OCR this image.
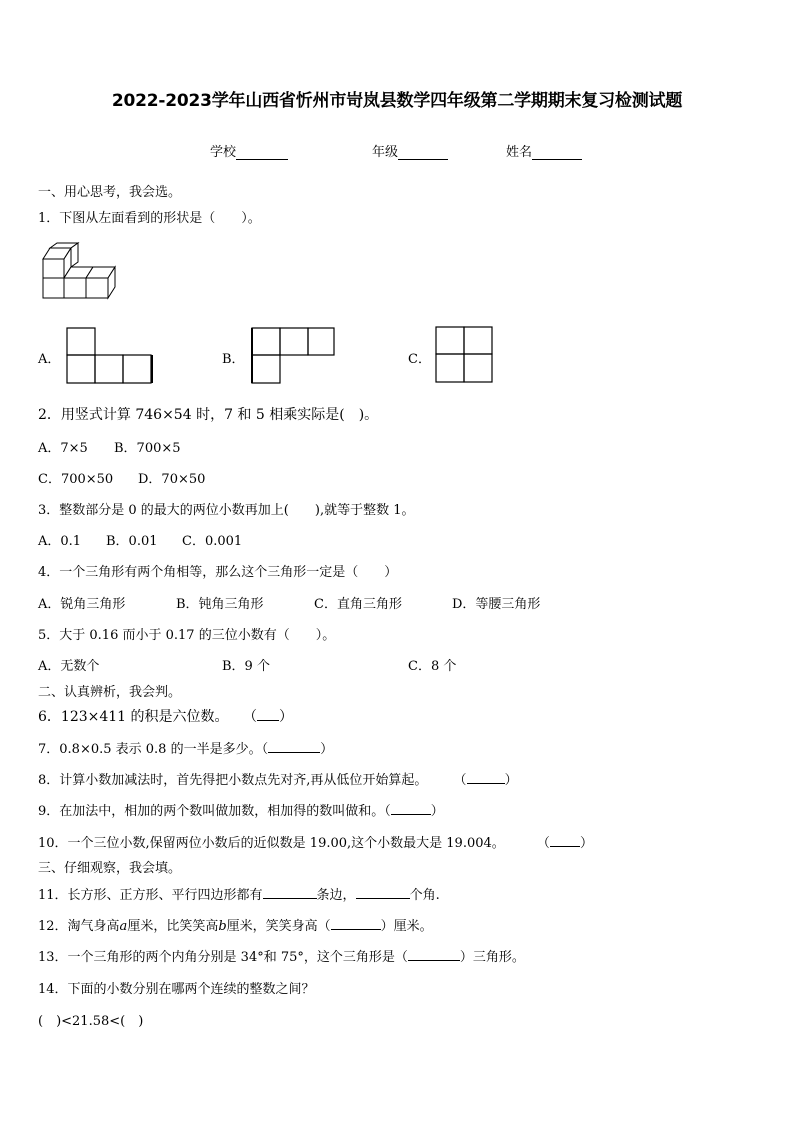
2022-2023学年山西省忻州市岢岚县数学四年级第二学期期末复习检测试题
学校	年级	姓名
一、用心思考，我会选。
1．下图从左面看到的形状是（　　）。
A．	B．	C．
2．用竖式计算 746×54 时，7 和 5 相乘实际是(　)。
A．7×5 B．700×5
C．700×50 D．70×50
3．整数部分是 0 的最大的两位小数再加上(　　),就等于整数 1。
A．0.1 B．0.01 C．0.001
4．一个三角形有两个角相等，那么这个三角形一定是（　　）
A．锐角三角形	B．钝角三角形	C．直角三角形	D．等腰三角形
5．大于 0.16 而小于 0.17 的三位小数有（　　）。
A．无数个	B．9 个	C．8 个
二、认真辨析，我会判。
6．123×411 的积是六位数。 （ ）
7．0.8×0.5 表示 0.8 的一半是多少。（	）
8．计算小数加减法时，首先得把小数点先对齐,再从低位开始算起。 （	）
9．在加法中，相加的两个数叫做加数，相加得的数叫做和。（	）
10．一个三位小数,保留两位小数后的近似数是 19.00,这个小数最大是 19.004。 （ ）
三、仔细观察，我会填。
11．长方形、正方形、平行四边形都有	条边，	个角.
12．淘气身高a厘米，比笑笑高b厘米，笑笑身高（	）厘米。
13．一个三角形的两个内角分别是 34°和 75°，这个三角形是（	）三角形。
14．下面的小数分别在哪两个连续的整数之间？
(　)<21.58<(　)
